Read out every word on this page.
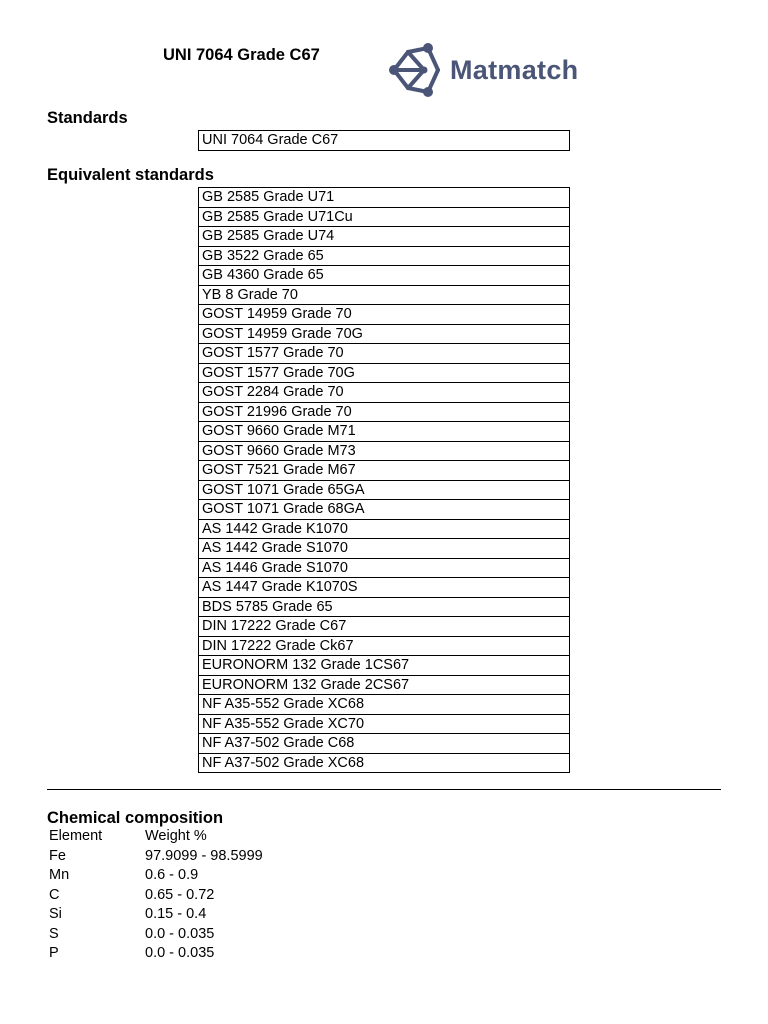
UNI 7064 Grade C67	Matmatch
Standards
UNI 7064 Grade C67
Equivalent standards
GB 2585 Grade U71
GB 2585 Grade U71Cu
GB 2585 Grade U74
GB 3522 Grade 65
GB 4360 Grade 65
YB 8 Grade 70
GOST 14959 Grade 70
GOST 14959 Grade 70G
GOST 1577 Grade 70
GOST 1577 Grade 70G
GOST 2284 Grade 70
GOST 21996 Grade 70
GOST 9660 Grade M71
GOST 9660 Grade M73
GOST 7521 Grade M67
GOST 1071 Grade 65GA
GOST 1071 Grade 68GA
AS 1442 Grade K1070
AS 1442 Grade S1070
AS 1446 Grade S1070
AS 1447 Grade K1070S
BDS 5785 Grade 65
DIN 17222 Grade C67
DIN 17222 Grade Ck67
EURONORM 132 Grade 1CS67
EURONORM 132 Grade 2CS67
NF A35-552 Grade XC68
NF A35-552 Grade XC70
NF A37-502 Grade C68
NF A37-502 Grade XC68
Chemical composition
Element	Weight %
Fe	97.9099 - 98.5999
Mn	0.6 - 0.9
C	0.65 - 0.72
Si	0.15 - 0.4
S	0.0 - 0.035
P	0.0 - 0.035
